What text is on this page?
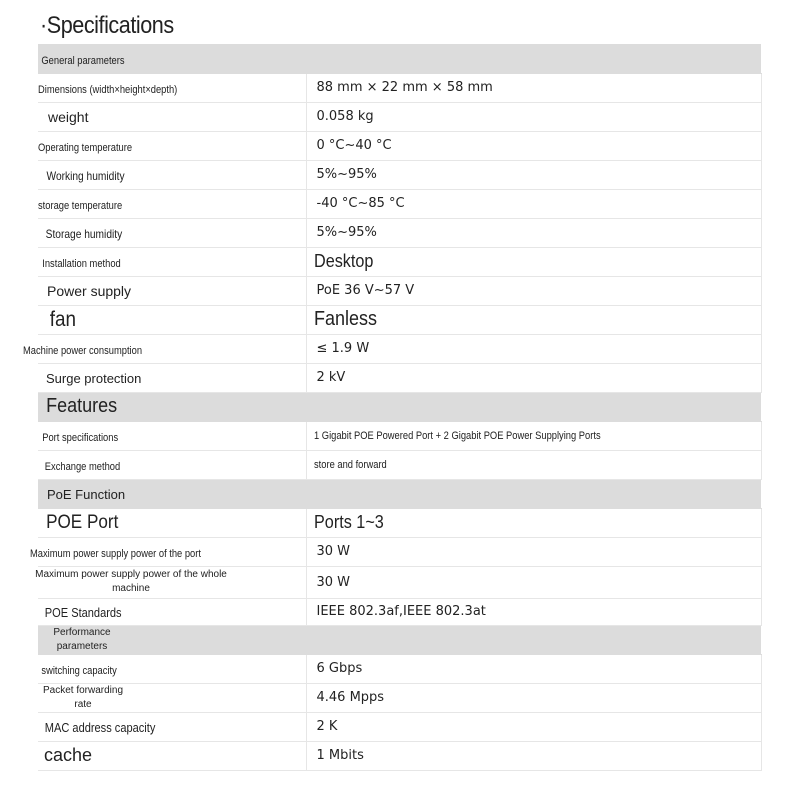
·Specifications
General parameters	
Dimensions (width×height×depth)	88 mm × 22 mm × 58 mm
weight	0.058 kg
Operating temperature	0 °C~40 °C
Working humidity	5%~95%
storage temperature	-40 °C~85 °C
Storage humidity	5%~95%
Installation method	Desktop
Power supply	PoE 36 V~57 V
fan	Fanless
Machine power consumption	≤ 1.9 W
Surge protection	2 kV
Features	
Port specifications	1 Gigabit POE Powered Port + 2 Gigabit POE Power Supplying Ports
Exchange method	store and forward
PoE Function	
POE Port	Ports 1~3
Maximum power supply power of the port	30 W

Maximum power supply power of the whole machine	30 W
POE Standards	IEEE 802.3af,IEEE 802.3at

Performance parameters	

switching capacity	6 Gbps

Packet forwarding rate	4.46 Mpps
MAC address capacity	2 K
cache	1 Mbits
